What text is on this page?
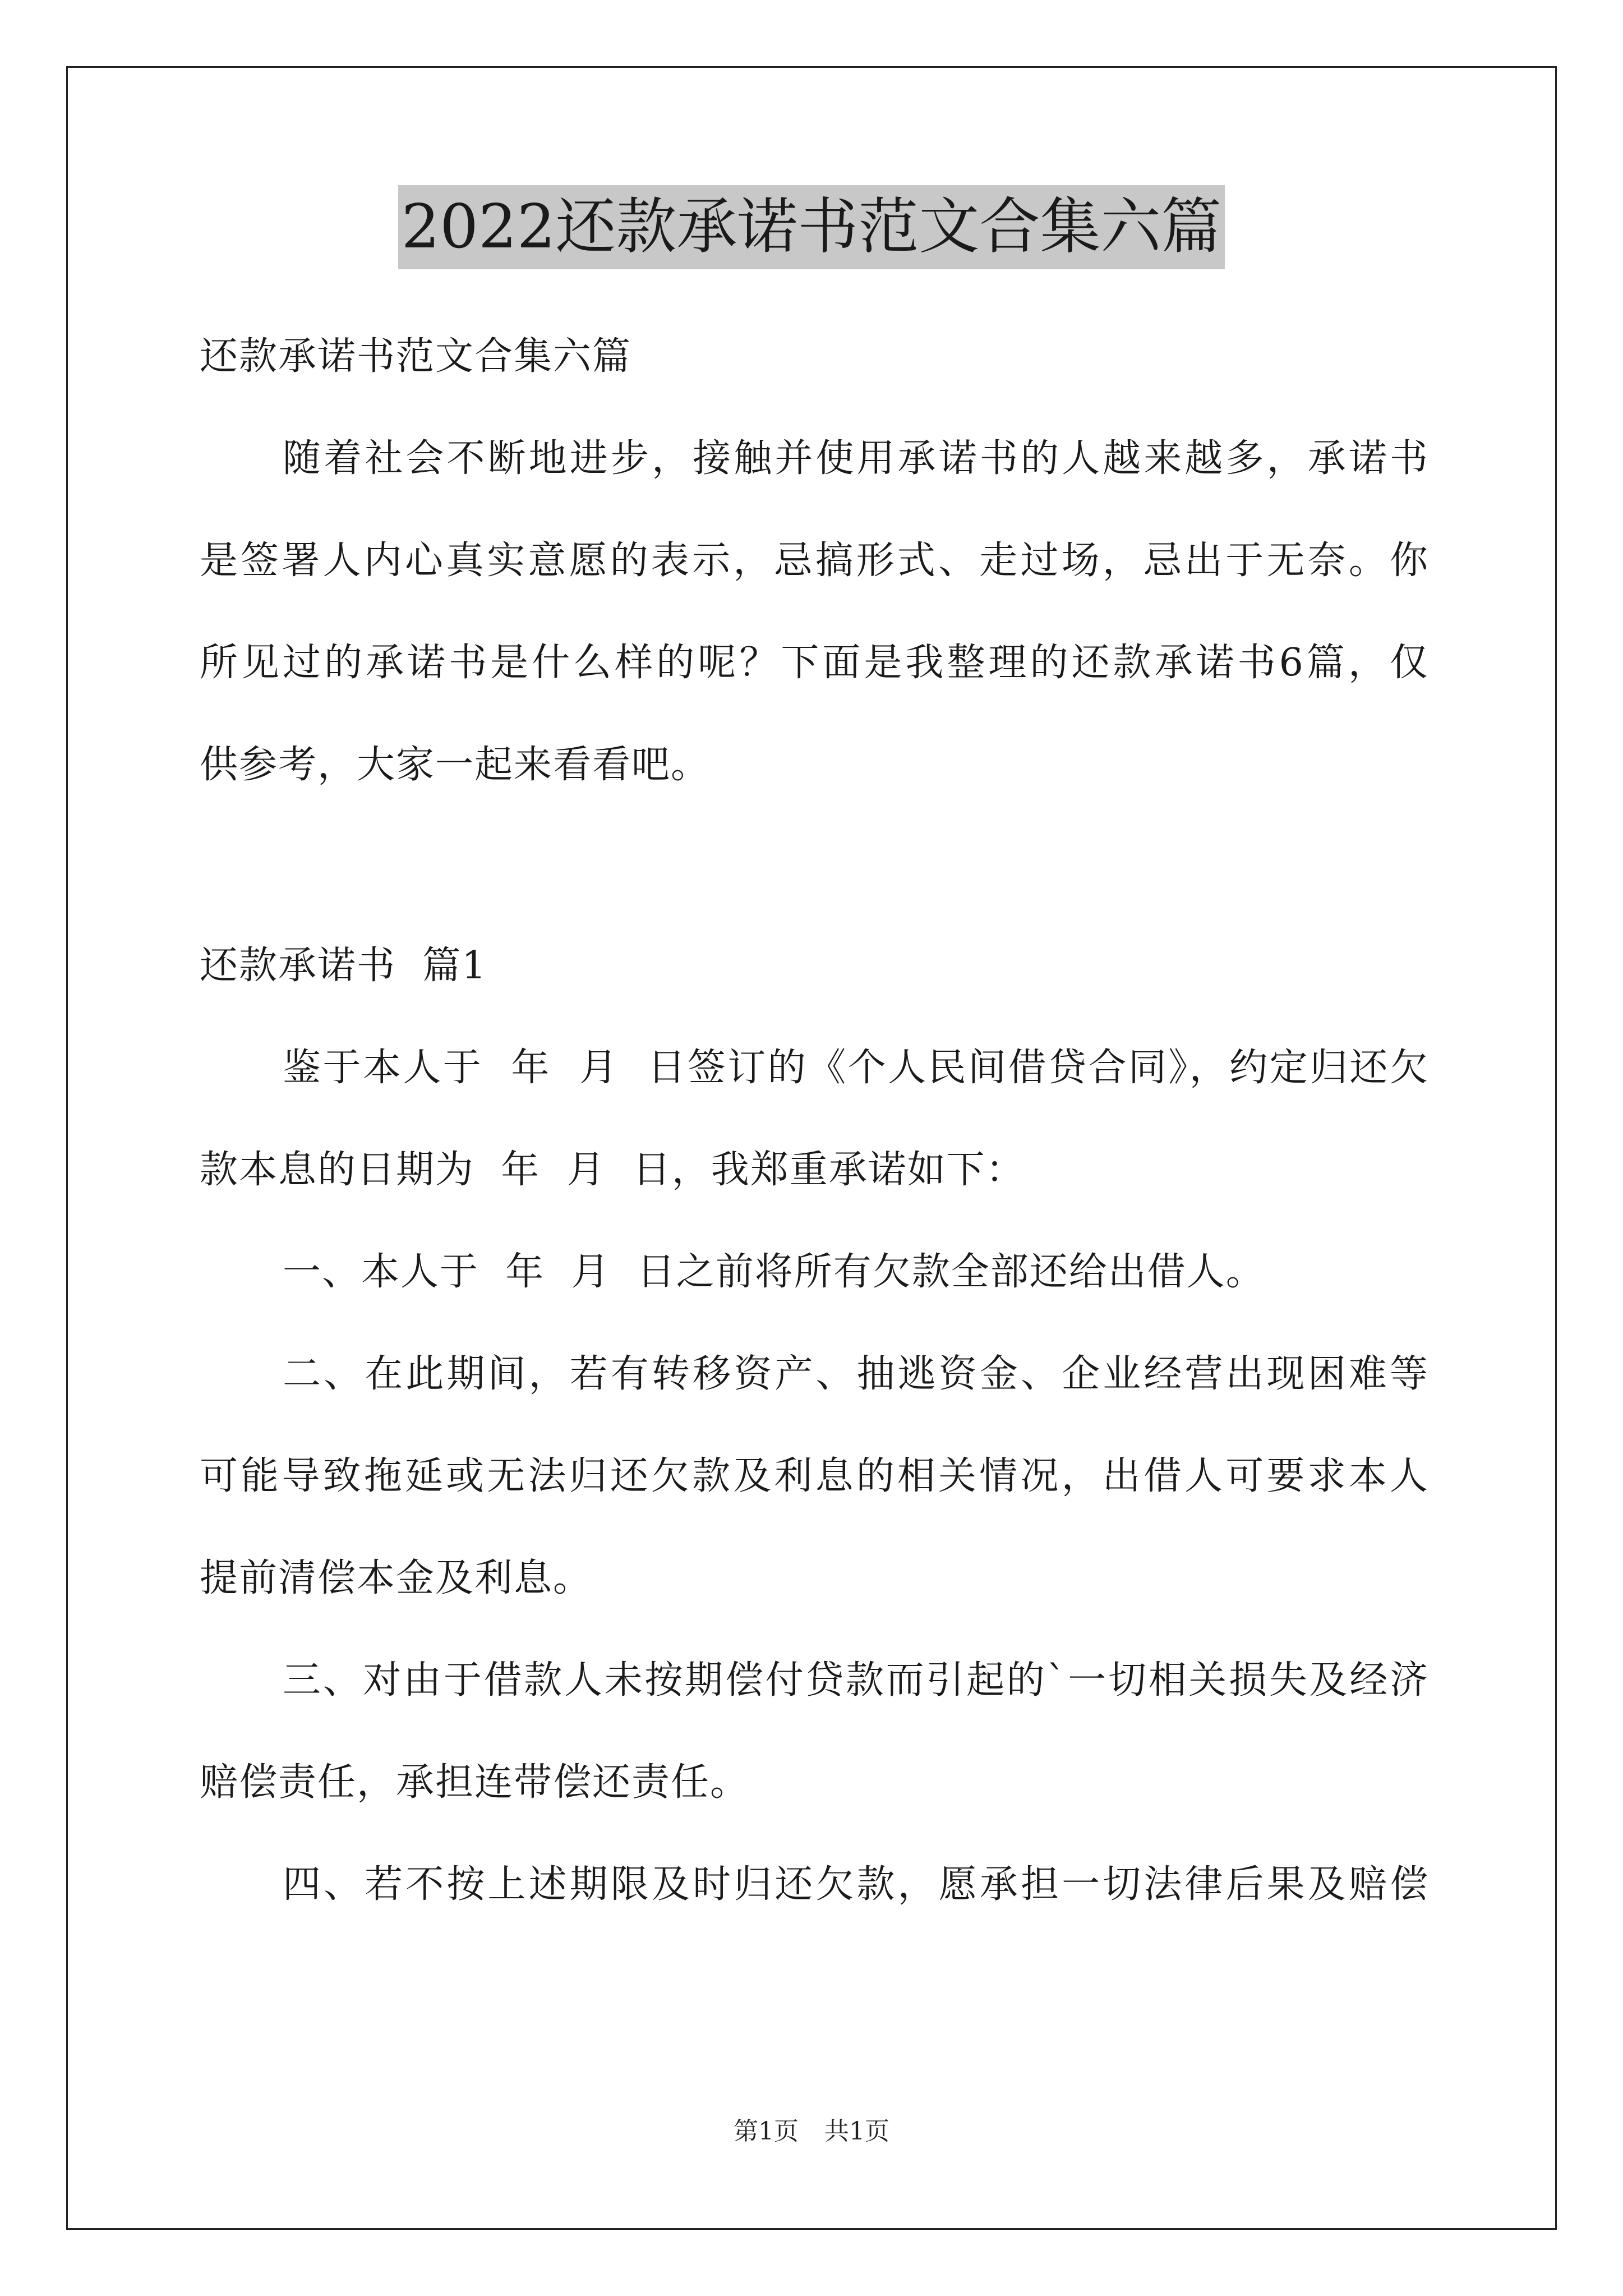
2022还款承诺书范文合集六篇
还款承诺书范文合集六篇
随着社会不断地进步，接触并使用承诺书的人越来越多，承诺书
是签署人内心真实意愿的表示，忌搞形式、走过场，忌出于无奈。你
所见过的承诺书是什么样的呢？下面是我整理的还款承诺书6篇，仅
供参考，大家一起来看看吧。
还款承诺书  篇1
鉴于本人于  年  月  日签订的《个人民间借贷合同》，约定归还欠
款本息的日期为  年  月  日，我郑重承诺如下：
一、本人于  年  月  日之前将所有欠款全部还给出借人。
二、在此期间，若有转移资产、抽逃资金、企业经营出现困难等
可能导致拖延或无法归还欠款及利息的相关情况，出借人可要求本人
提前清偿本金及利息。
三、对由于借款人未按期偿付贷款而引起的`一切相关损失及经济
赔偿责任，承担连带偿还责任。
四、若不按上述期限及时归还欠款，愿承担一切法律后果及赔偿
第1页 共1页
